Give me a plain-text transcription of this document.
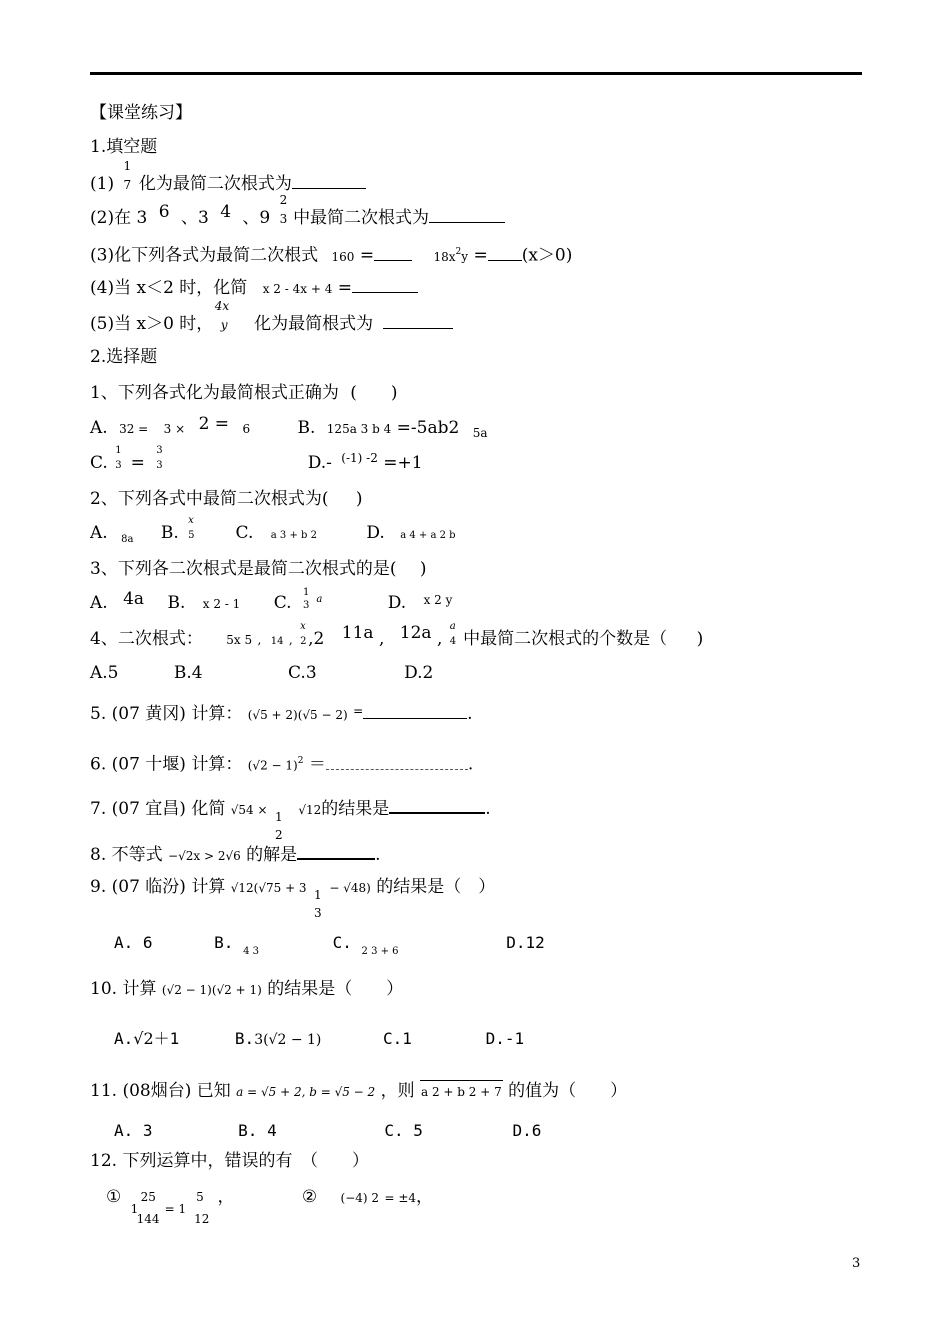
【课堂练习】
1.填空题
(1)
1
7 化为最简二次根式为
(2)在 3 6 、3 4 、9
2
3 中最简二次根式为
(3)化下列各式为最简二次根式 160 =	$18x^2y = (x>0)$
(4)当 x＜2 时，化简 x 2 - 4x + 4 =
(5)当 x＞0 时，
4x
y 化为最简根式为
2.选择题
1、下列各式化为最简根式正确为 (　　)
A. 32 = 3 × 2 = 6	B. 125a 3 b 4 =-5ab2 $_{5a}$
C.
1
3 =
3
3	D.- $^{(-1) -2}$ =+1
2、下列各式中最简二次根式为( )
A. $_{8a}$ B.
x
5 C. a 3 + b 2	D. a 4 + a 2 b
3、下列各二次根式是最简二次根式的是( )
A. 4a B. x 2 - 1 C.
1
3 $^a$	D. $^{x 2 y}$
4、二次根式： 5x 5 , 14 ,
x
2,2 11a , 12a ,
a
4 中最简二次根式的个数是（ )
A.5	B.4	C.3	D.2
5. (07 黄冈) 计算： (√5 + 2)(√5 − 2) =	.
6. (07 十堰) 计算： $(√2 - 1)^2$ ＝	.
7. (07 宜昌) 化简 √54 × 1
2
√12的结果是	.
8. 不等式 −√2x > 2√6 的解是	.
9. (07 临汾) 计算 √12(√75 + 3 1
3
− √48) 的结果是（　）
A. 6	B. $_{4 3}$	C. $_{2 3 + 6}$	D.12
10. 计算 (√2 − 1)(√2 + 1) 的结果是（　　）
A.√2＋1	B.3(√2 − 1)	C.1	D.-1
11. (08烟台) 已知 a = √5 + 2, b = √5 − 2 ，则 a 2 + b 2 + 7 的值为（　　）
A. 3	B. 4	C. 5	D.6
12. 下列运算中，错误的有　（　　）
①
1
25
144
= 1

5
12
，	② (−4) 2 = ±4，
3
